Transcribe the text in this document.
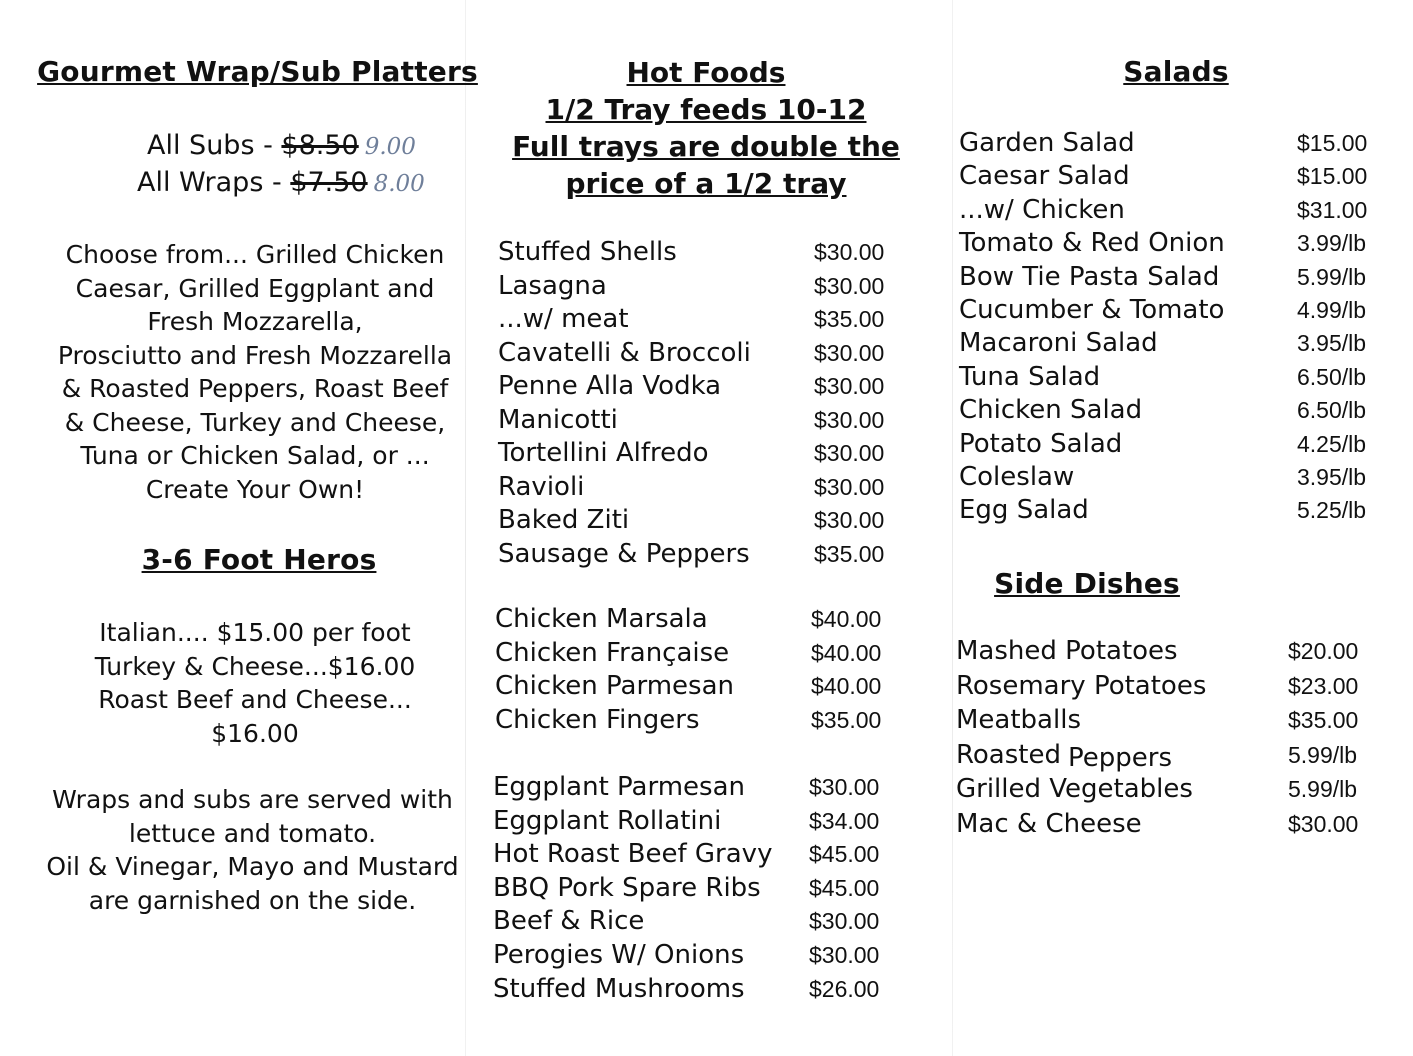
Gourmet Wrap/Sub Platters
All Subs - $8.50 9.00
All Wraps - $7.50 8.00
Choose from... Grilled Chicken
Caesar, Grilled Eggplant and
Fresh Mozzarella,
Prosciutto and Fresh Mozzarella
& Roasted Peppers, Roast Beef
& Cheese, Turkey and Cheese,
Tuna or Chicken Salad, or ...
Create Your Own!
3-6 Foot Heros
Italian.... $15.00 per foot
Turkey & Cheese...$16.00
Roast Beef and Cheese...
$16.00
Wraps and subs are served with
lettuce and tomato.
Oil & Vinegar, Mayo and Mustard
are garnished on the side.
Hot Foods
1/2 Tray feeds 10-12
Full trays are double the
price of a 1/2 tray
Stuffed Shells	$30.00
Lasagna	$30.00
...w/ meat	$35.00
Cavatelli & Broccoli	$30.00
Penne Alla Vodka	$30.00
Manicotti	$30.00
Tortellini Alfredo	$30.00
Ravioli	$30.00
Baked Ziti	$30.00
Sausage & Peppers	$35.00
Chicken Marsala	$40.00
Chicken Française	$40.00
Chicken Parmesan	$40.00
Chicken Fingers	$35.00
Eggplant Parmesan	$30.00
Eggplant Rollatini	$34.00
Hot Roast Beef Gravy $45.00
BBQ Pork Spare Ribs $45.00
Beef & Rice	$30.00
Perogies W/ Onions	$30.00
Stuffed Mushrooms	$26.00
Salads
Garden Salad	$15.00
Caesar Salad	$15.00
...w/ Chicken	$31.00
Tomato & Red Onion	3.99/lb
Bow Tie Pasta Salad	5.99/lb
Cucumber & Tomato	4.99/lb
Macaroni Salad	3.95/lb
Tuna Salad	6.50/lb
Chicken Salad	6.50/lb
Potato Salad	4.25/lb
Coleslaw	3.95/lb
Egg Salad	5.25/lb
Side Dishes
Mashed Potatoes	$20.00
Rosemary Potatoes	$23.00
Meatballs	$35.00
Roasted Peppers	5.99/lb
Grilled Vegetables	5.99/lb
Mac & Cheese	$30.00
